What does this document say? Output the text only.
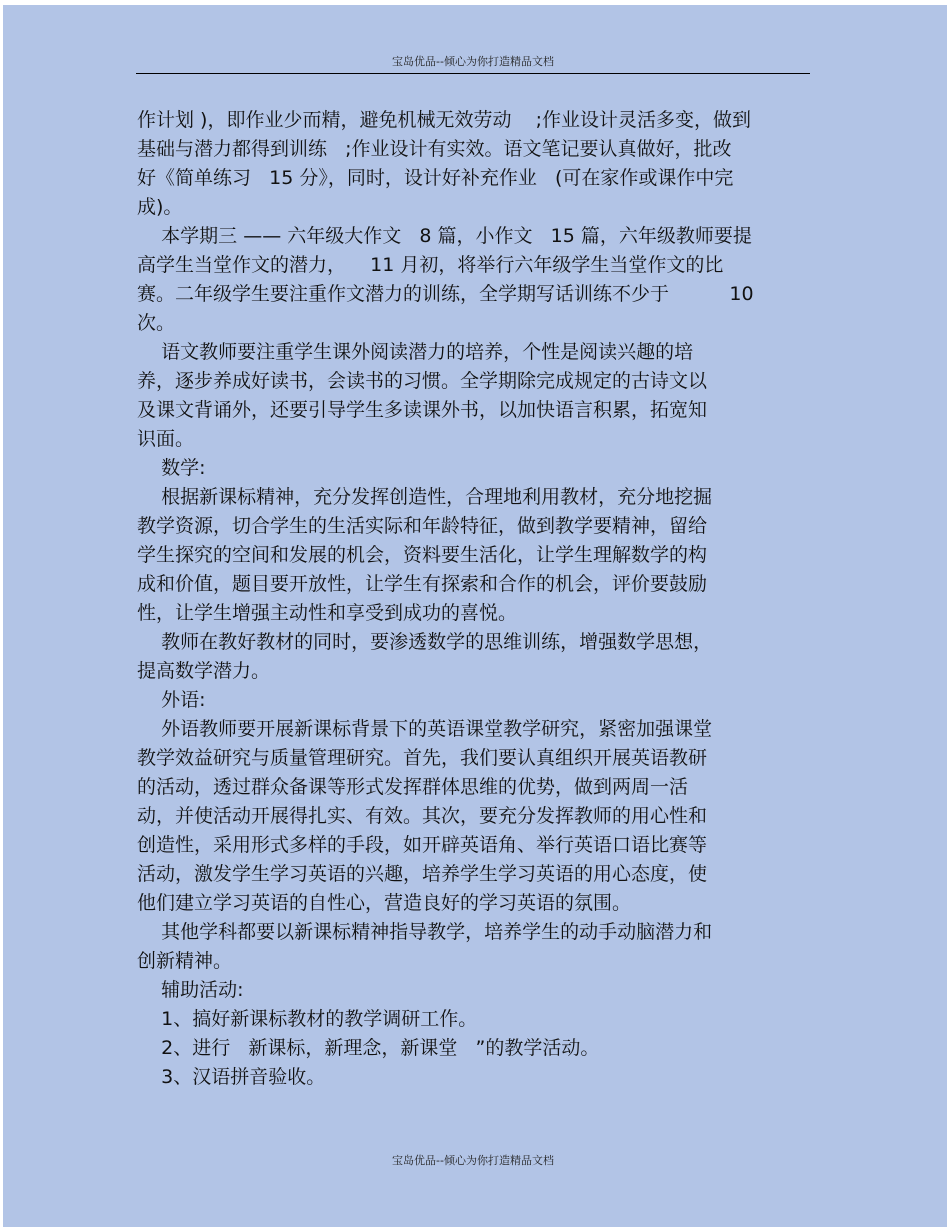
宝岛优品--倾心为你打造精品文档

作计划 )，即作业少而精，避免机械无效劳动    ;作业设计灵活多变，做到

基础与潜力都得到训练   ;作业设计有实效。语文笔记要认真做好，批改

好《简单练习   15 分》，同时，设计好补充作业   (可在家作或课作中完

成)。

本学期三 —— 六年级大作文   8 篇，小作文   15 篇，六年级教师要提

高学生当堂作文的潜力，    11 月初，将举行六年级学生当堂作文的比

赛。二年级学生要注重作文潜力的训练，全学期写话训练不少于          10

次。

语文教师要注重学生课外阅读潜力的培养，个性是阅读兴趣的培

养，逐步养成好读书，会读书的习惯。全学期除完成规定的古诗文以

及课文背诵外，还要引导学生多读课外书，以加快语言积累，拓宽知

识面。

数学:

根据新课标精神，充分发挥创造性，合理地利用教材，充分地挖掘

教学资源，切合学生的生活实际和年龄特征，做到教学要精神，留给

学生探究的空间和发展的机会，资料要生活化，让学生理解数学的构

成和价值，题目要开放性，让学生有探索和合作的机会，评价要鼓励

性，让学生增强主动性和享受到成功的喜悦。

教师在教好教材的同时，要渗透数学的思维训练，增强数学思想，

提高数学潜力。

外语:

外语教师要开展新课标背景下的英语课堂教学研究，紧密加强课堂

教学效益研究与质量管理研究。首先，我们要认真组织开展英语教研

的活动，透过群众备课等形式发挥群体思维的优势，做到两周一活

动，并使活动开展得扎实、有效。其次，要充分发挥教师的用心性和

创造性，采用形式多样的手段，如开辟英语角、举行英语口语比赛等

活动，激发学生学习英语的兴趣，培养学生学习英语的用心态度，使

他们建立学习英语的自性心，营造良好的学习英语的氛围。

其他学科都要以新课标精神指导教学，培养学生的动手动脑潜力和

创新精神。

辅助活动:

1、搞好新课标教材的教学调研工作。

2、进行   新课标，新理念，新课堂   ”的教学活动。

3、汉语拼音验收。

宝岛优品--倾心为你打造精品文档
